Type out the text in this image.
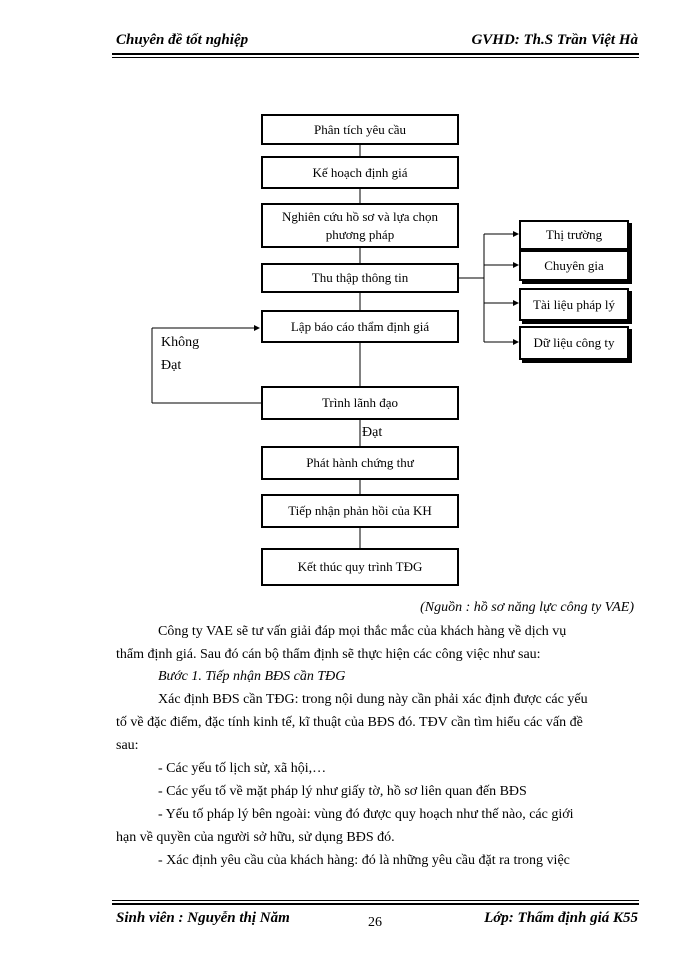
Chuyên đề tốt nghiệp	GVHD: Th.S Trần Việt Hà
Phân tích yêu cầu
Kế hoạch định giá
Nghiên cứu hồ sơ và lựa chọn phương pháp
Thu thập thông tin
Lập báo cáo thẩm định giá
Trình lãnh đạo
Phát hành chứng thư
Tiếp nhận phản hồi của KH
Kết thúc quy trình TĐG
Thị trường
Chuyên gia
Tài liệu pháp lý
Dữ liệu công ty
Không
Đạt
Đạt
(Nguồn : hồ sơ năng lực công ty VAE)
Công ty VAE sẽ tư vấn giải đáp mọi thắc mắc của khách hàng về dịch vụ
thẩm định giá. Sau đó cán bộ thẩm định sẽ thực hiện các công việc như sau:
Bước 1. Tiếp nhận BĐS cần TĐG
Xác định BĐS cần TĐG: trong nội dung này cần phải xác định được các yếu
tố về đặc điểm, đặc tính kinh tế, kĩ thuật của BĐS đó. TĐV cần tìm hiểu các vấn đề
sau:
- Các yếu tố lịch sử, xã hội,…
- Các yếu tố về mặt pháp lý như giấy tờ, hồ sơ liên quan đến BĐS
- Yếu tố pháp lý bên ngoài: vùng đó được quy hoạch như thế nào, các giới
hạn về quyền của người sở hữu, sử dụng BĐS đó.
- Xác định yêu cầu của khách hàng: đó là những yêu cầu đặt ra trong việc
Sinh viên : Nguyễn thị Năm	26	Lớp: Thẩm định giá K55
